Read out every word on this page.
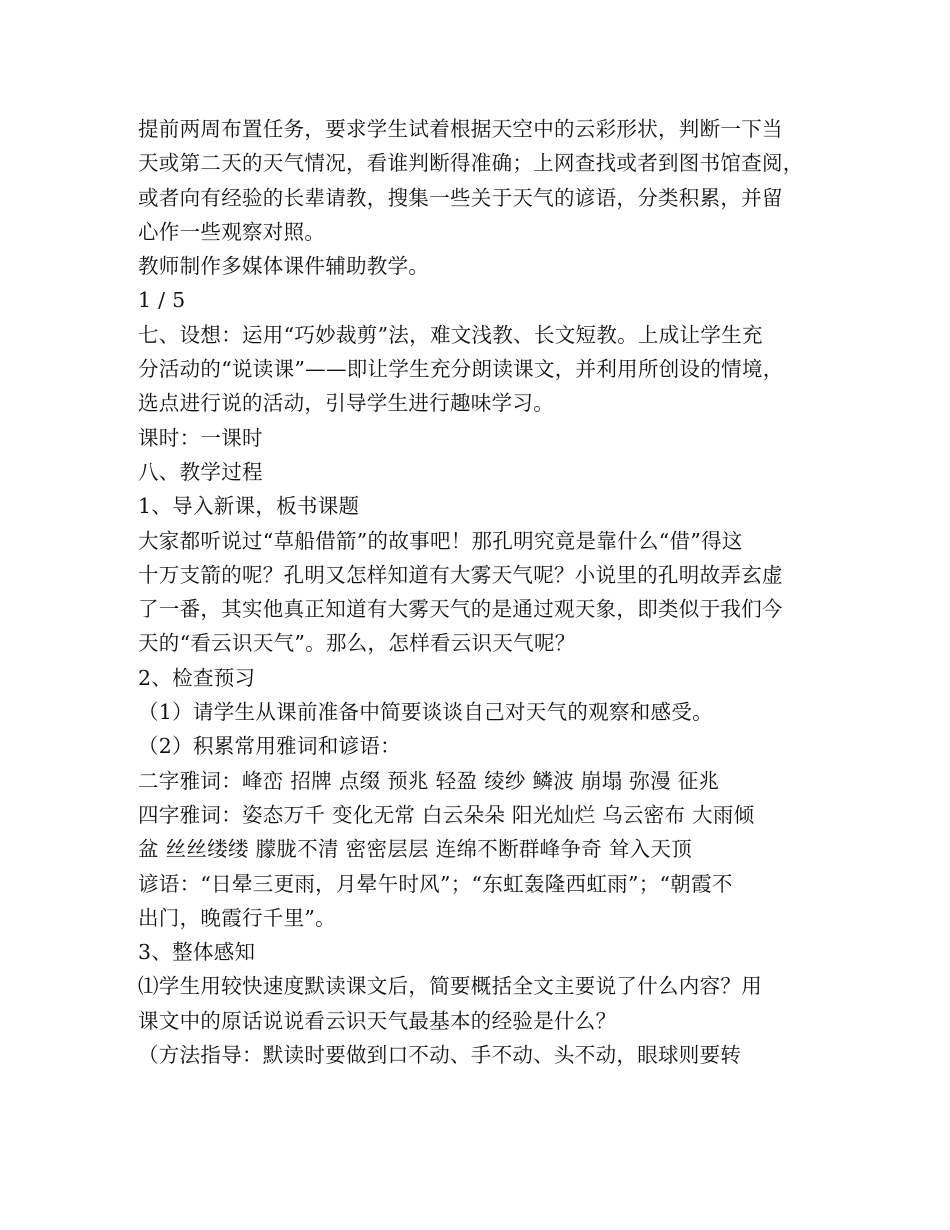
提前两周布置任务，要求学生试着根据天空中的云彩形状，判断一下当
天或第二天的天气情况，看谁判断得准确；上网查找或者到图书馆查阅，
或者向有经验的长辈请教，搜集一些关于天气的谚语，分类积累，并留
心作一些观察对照。
教师制作多媒体课件辅助教学。
1 / 5
七、设想：运用“巧妙裁剪”法，难文浅教、长文短教。上成让学生充
分活动的“说读课”——即让学生充分朗读课文，并利用所创设的情境，
选点进行说的活动，引导学生进行趣味学习。
课时：一课时
八、教学过程
1、导入新课，板书课题
大家都听说过“草船借箭”的故事吧！那孔明究竟是靠什么“借”得这
十万支箭的呢？孔明又怎样知道有大雾天气呢？小说里的孔明故弄玄虚
了一番，其实他真正知道有大雾天气的是通过观天象，即类似于我们今
天的“看云识天气”。那么，怎样看云识天气呢？
2、检查预习
（1）请学生从课前准备中简要谈谈自己对天气的观察和感受。
（2）积累常用雅词和谚语：
二字雅词：峰峦 招牌 点缀 预兆 轻盈 绫纱 鳞波 崩塌 弥漫 征兆
四字雅词：姿态万千 变化无常 白云朵朵 阳光灿烂 乌云密布 大雨倾
盆 丝丝缕缕 朦胧不清 密密层层 连绵不断群峰争奇 耸入天顶
谚语：“日晕三更雨，月晕午时风”；“东虹轰隆西虹雨”；“朝霞不
出门，晚霞行千里”。
3、整体感知
⑴学生用较快速度默读课文后，简要概括全文主要说了什么内容？用
课文中的原话说说看云识天气最基本的经验是什么？
（方法指导：默读时要做到口不动、手不动、头不动，眼球则要转
